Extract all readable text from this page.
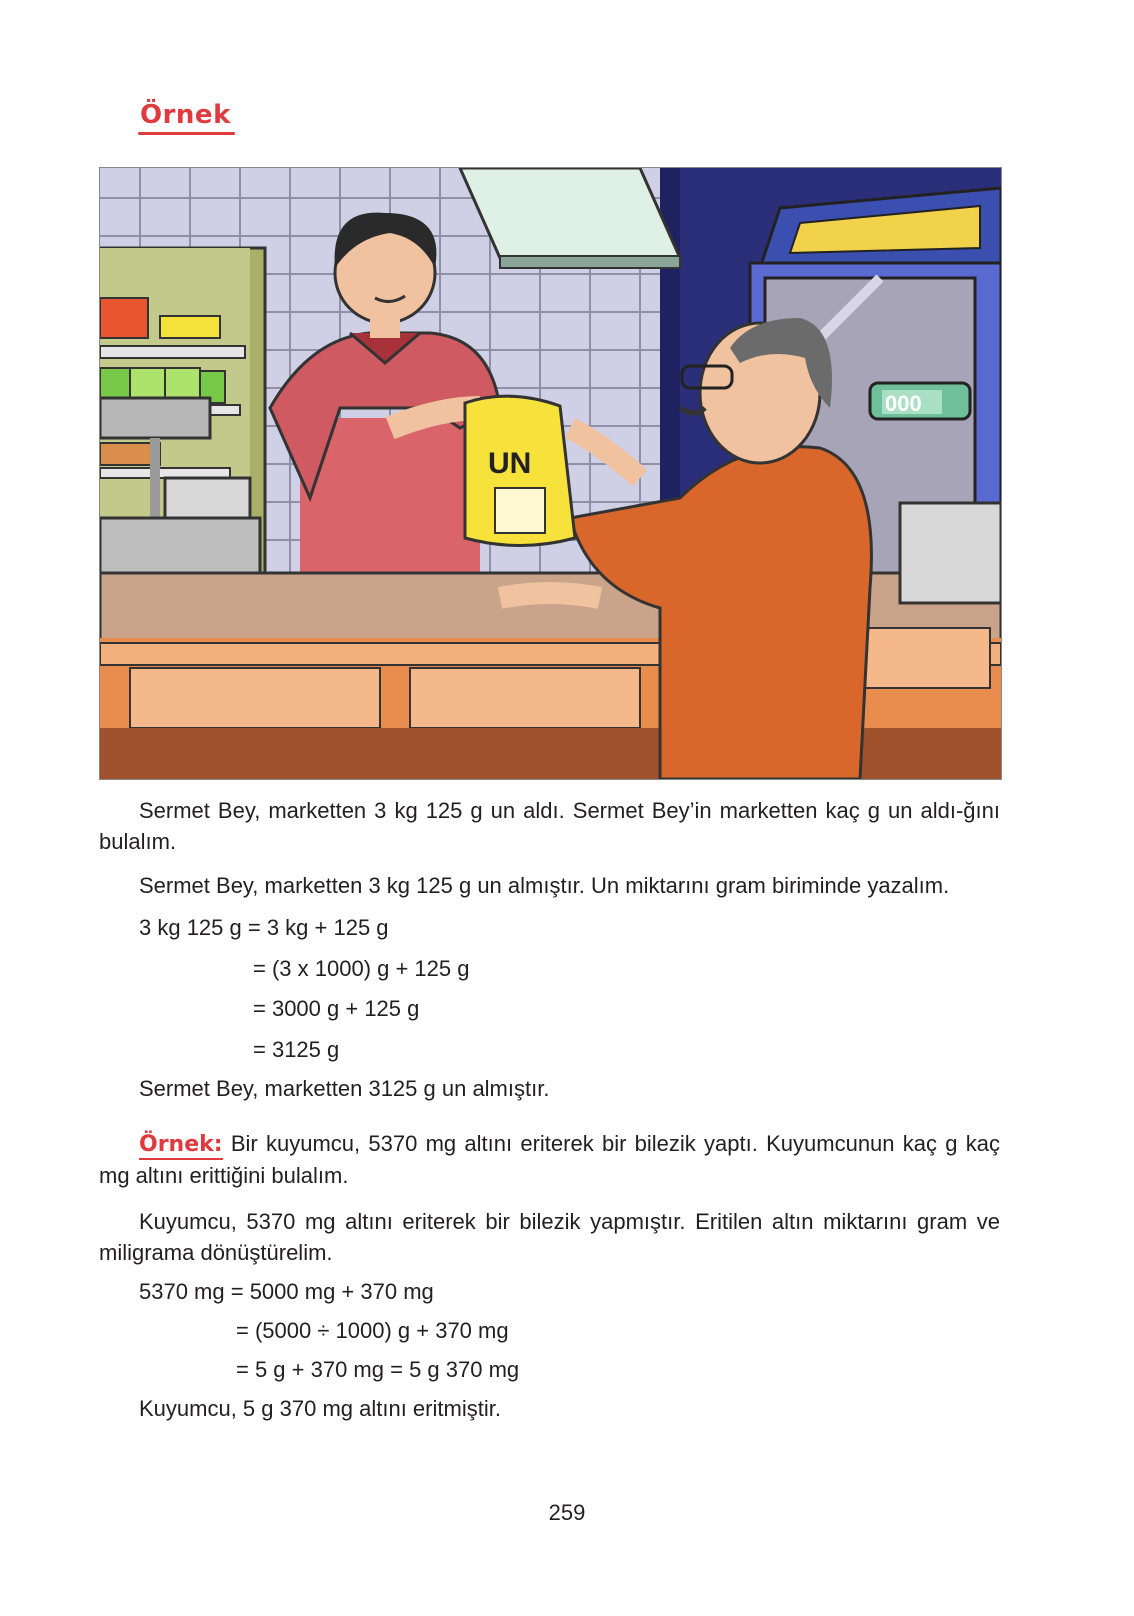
Örnek
000
UN
Sermet Bey, marketten 3 kg 125 g un aldı. Sermet Bey’in marketten kaç g un aldı-ğını bulalım.
Sermet Bey, marketten 3 kg 125 g un almıştır. Un miktarını gram biriminde yazalım.
3 kg 125 g = 3 kg + 125 g
= (3 x 1000) g + 125 g
= 3000 g + 125 g
= 3125 g
Sermet Bey, marketten 3125 g un almıştır.
Örnek: Bir kuyumcu, 5370 mg altını eriterek bir bilezik yaptı. Kuyumcunun kaç g kaç mg altını erittiğini bulalım.
Kuyumcu, 5370 mg altını eriterek bir bilezik yapmıştır. Eritilen altın miktarını gram ve miligrama dönüştürelim.
5370 mg = 5000 mg + 370 mg
= (5000 ÷ 1000) g + 370 mg
= 5 g + 370 mg = 5 g 370 mg
Kuyumcu, 5 g 370 mg altını eritmiştir.
259
